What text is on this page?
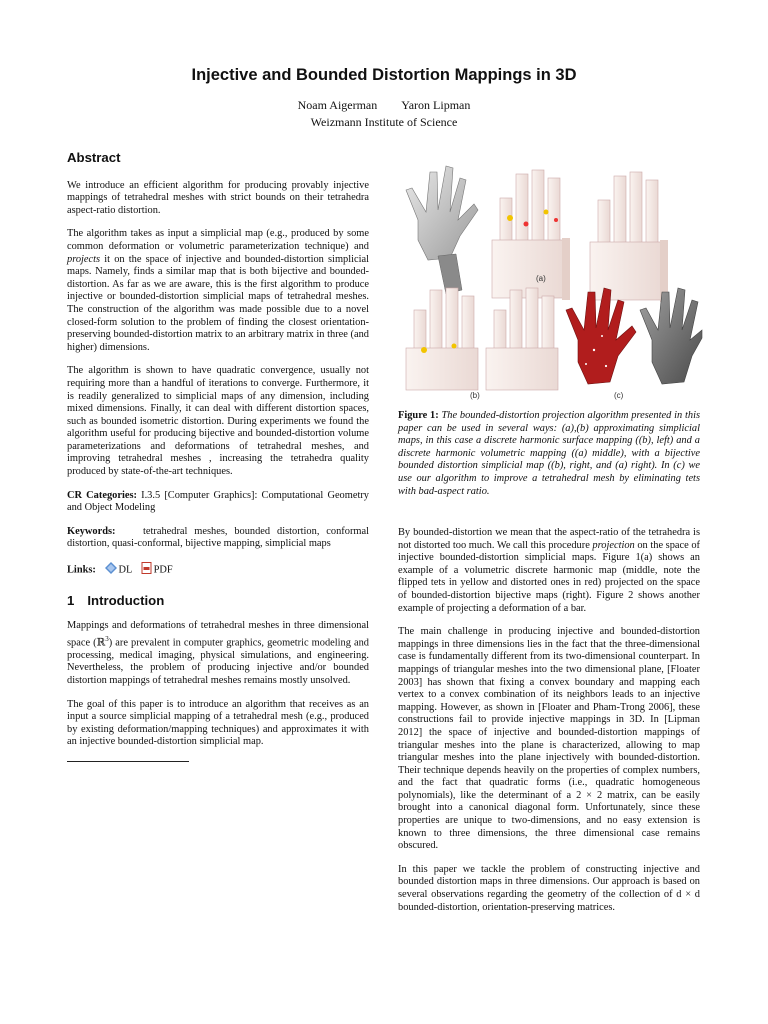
Injective and Bounded Distortion Mappings in 3D
Noam Aigerman  Yaron Lipman
Weizmann Institute of Science
Abstract

We introduce an efficient algorithm for producing provably injective mappings of tetrahedral meshes with strict bounds on their tetrahedra aspect-ratio distortion.

The algorithm takes as input a simplicial map (e.g., produced by some common deformation or volumetric parameterization technique) and projects it on the space of injective and bounded-distortion simplicial maps. Namely, finds a similar map that is both bijective and bounded-distortion. As far as we are aware, this is the first algorithm to produce injective or bounded-distortion simplicial maps of tetrahedral meshes. The construction of the algorithm was made possible due to a novel closed-form solution to the problem of finding the closest orientation-preserving bounded-distortion matrix to an arbitrary matrix in three (and higher) dimensions.

The algorithm is shown to have quadratic convergence, usually not requiring more than a handful of iterations to converge. Furthermore, it is readily generalized to simplicial maps of any dimension, including mixed dimensions. Finally, it can deal with different distortion spaces, such as bounded isometric distortion. During experiments we found the algorithm useful for producing bijective and bounded-distortion volume parameterizations and deformations of tetrahedral meshes, and improving tetrahedral meshes , increasing the tetrahedra quality produced by state-of-the-art techniques.

CR Categories: I.3.5 [Computer Graphics]: Computational Geometry and Object Modeling

Keywords:	tetrahedral meshes, bounded distortion, conformal distortion, quasi-conformal, bijective mapping, simplicial maps

Links: DL PDF

1 Introduction

Mappings and deformations of tetrahedral meshes in three dimensional space (ℝ$^3$) are prevalent in computer graphics, geometric modeling and processing, medical imaging, physical simulations, and engineering. Nevertheless, the problem of producing injective and/or bounded distortion mappings of tetrahedral meshes remains mostly unsolved.

The goal of this paper is to introduce an algorithm that receives as an input a source simplicial mapping of a tetrahedral mesh (e.g., produced by existing deformation/mapping techniques) and approximates it with an injective bounded-distortion simplicial map.

(a)
(b)	(c)
Figure 1: The bounded-distortion projection algorithm presented in this paper can be used in several ways: (a),(b) approximating simplicial maps, in this case a discrete harmonic surface mapping ((b), left) and a discrete harmonic volumetric mapping ((a) middle), with a bijective bounded distortion simplicial map ((b), right, and (a) right). In (c) we use our algorithm to improve a tetrahedral mesh by eliminating tets with bad-aspect ratio.

By bounded-distortion we mean that the aspect-ratio of the tetrahedra is not distorted too much. We call this procedure projection on the space of injective bounded-distortion simplicial maps. Figure 1(a) shows an example of a volumetric discrete harmonic map (middle, note the flipped tets in yellow and distorted ones in red) projected on the space of bounded-distortion bijective maps (right). Figure 2 shows another example of projecting a deformation of a bar.

The main challenge in producing injective and bounded-distortion mappings in three dimensions lies in the fact that the three-dimensional case is fundamentally different from its two-dimensional counterpart. In mappings of triangular meshes into the two dimensional plane, [Floater 2003] has shown that fixing a convex boundary and mapping each vertex to a convex combination of its neighbors leads to an injective mapping. However, as shown in [Floater and Pham-Trong 2006], these constructions fail to provide injective mappings in 3D. In [Lipman 2012] the space of injective and bounded-distortion mappings of triangular meshes into the plane is characterized, allowing to map triangular meshes into the plane injectively with bounded-distortion. Their technique depends heavily on the properties of complex numbers, and the fact that quadratic forms (i.e., quadratic homogeneous polynomials), like the determinant of a 2 × 2 matrix, can be easily brought into a canonical diagonal form. Unfortunately, since these properties are unique to two-dimensions, and no easy extension is known to three dimensions, the three dimensional case remains obscured.

In this paper we tackle the problem of constructing injective and bounded distortion maps in three dimensions. Our approach is based on several observations regarding the geometry of the collection of d × d bounded-distortion, orientation-preserving matrices.
